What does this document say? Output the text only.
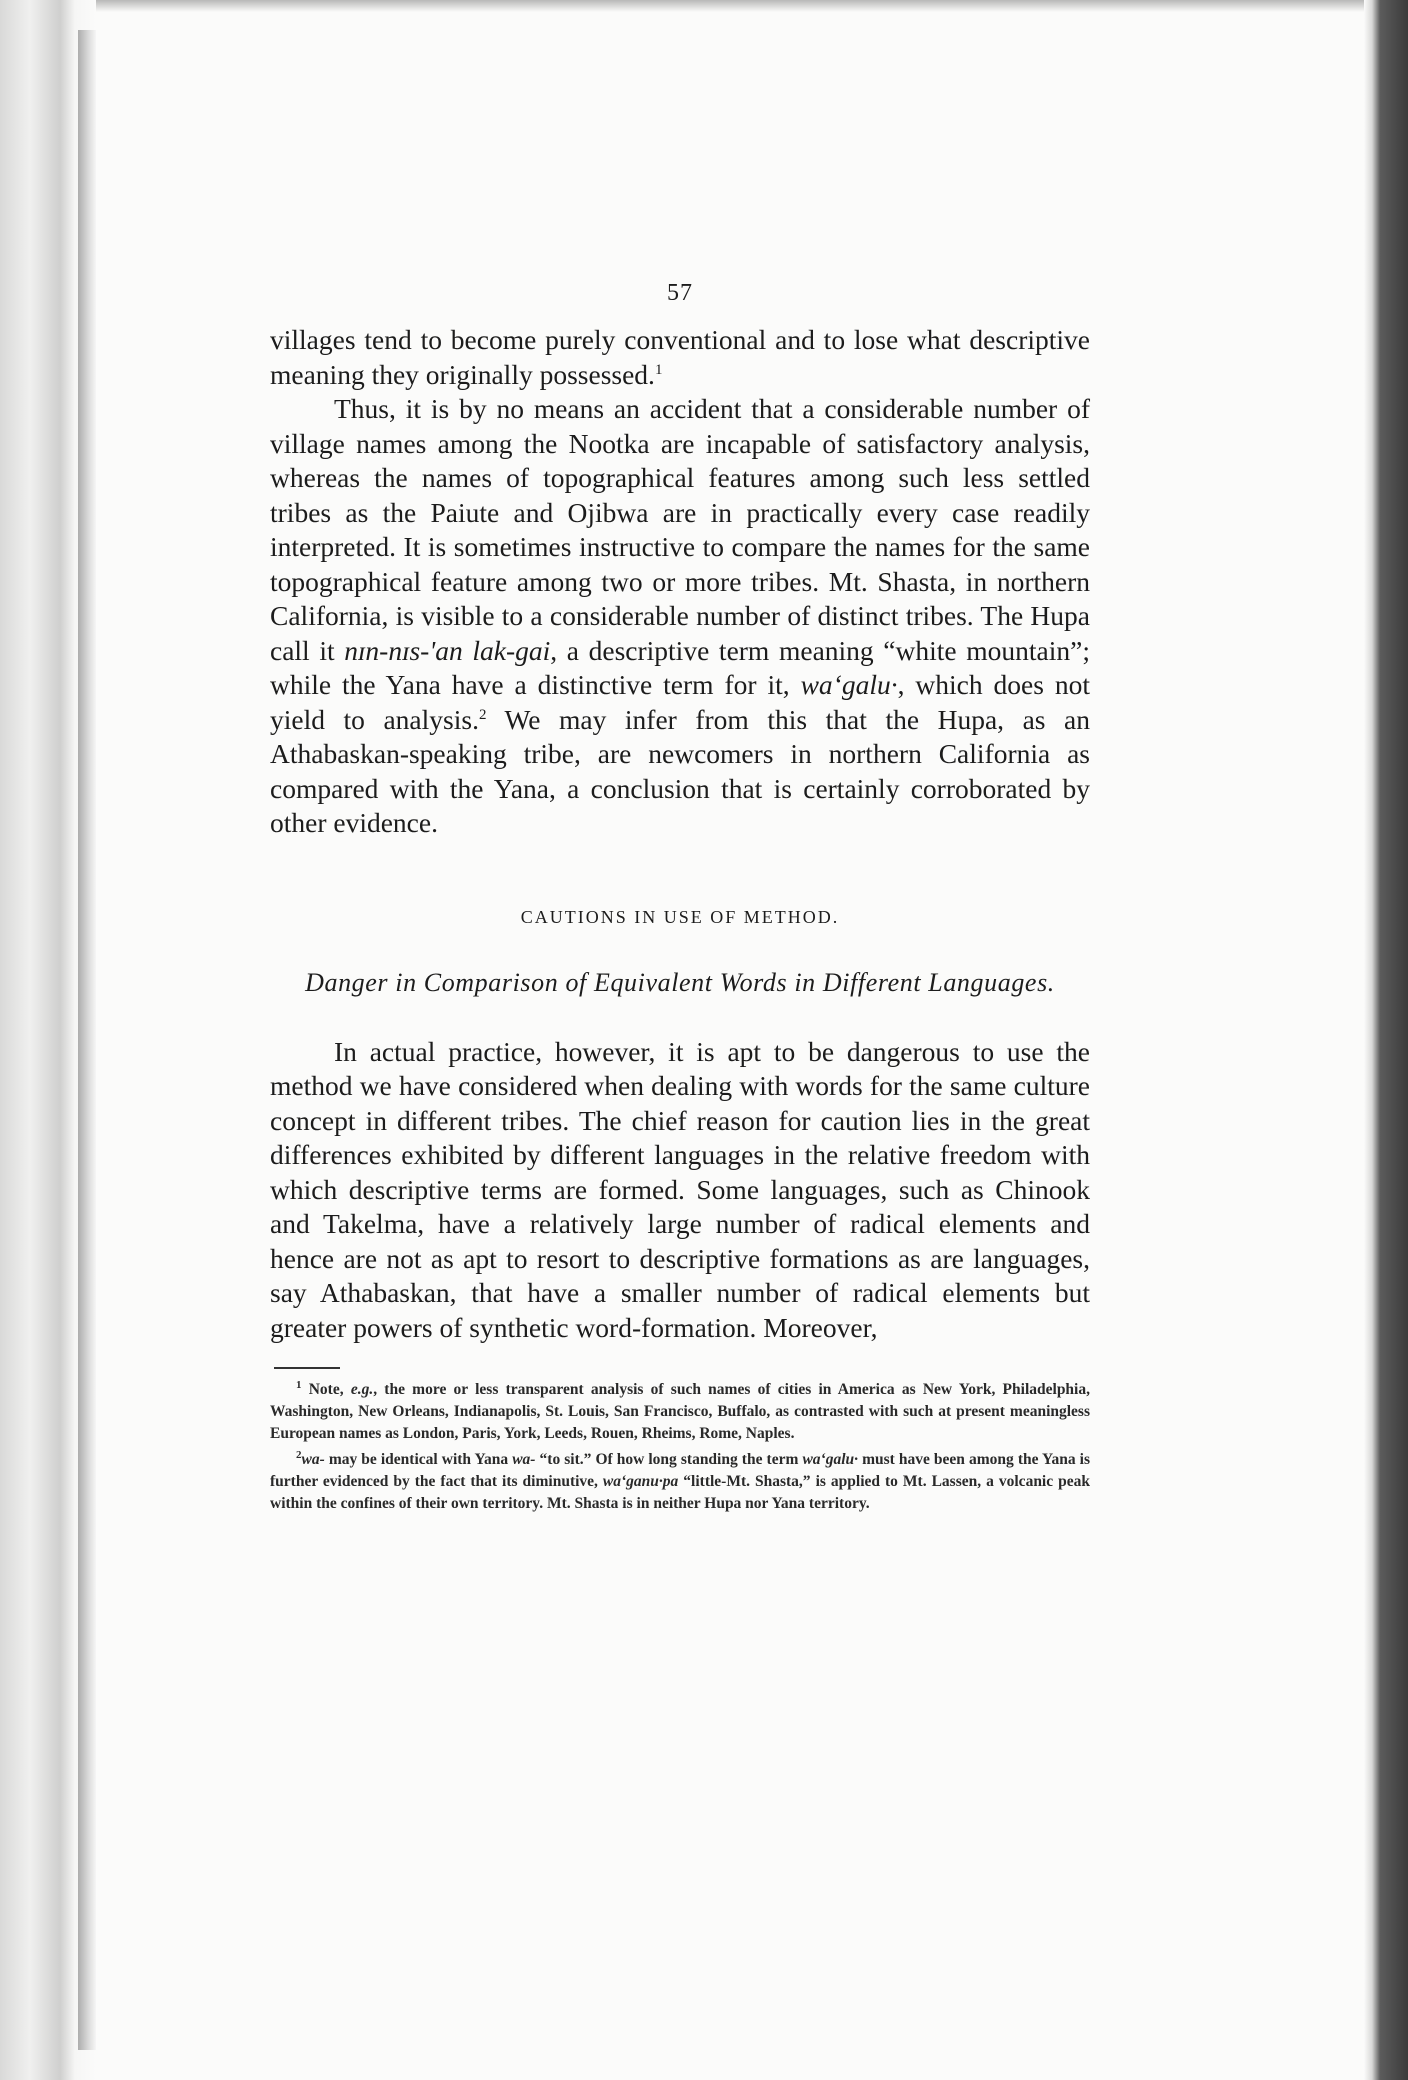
57

villages tend to become purely conventional and to lose what descriptive meaning they originally possessed.$^1$

Thus, it is by no means an accident that a considerable number of village names among the Nootka are incapable of satisfactory analysis, whereas the names of topographical features among such less settled tribes as the Paiute and Ojibwa are in practically every case readily interpreted. It is sometimes instructive to compare the names for the same topographical feature among two or more tribes. Mt. Shasta, in northern California, is visible to a considerable number of distinct tribes. The Hupa call it nɪn-nɪs-'an lak-gai, a descriptive term meaning “white mountain”; while the Yana have a distinctive term for it, wa‘galu·, which does not yield to analysis.$^2$ We may infer from this that the Hupa, as an Athabaskan-speaking tribe, are newcomers in northern California as compared with the Yana, a conclusion that is certainly corroborated by other evidence.

CAUTIONS IN USE OF METHOD.
Danger in Comparison of Equivalent Words in Different Languages.

In actual practice, however, it is apt to be dangerous to use the method we have considered when dealing with words for the same culture concept in different tribes. The chief reason for caution lies in the great differences exhibited by different languages in the relative freedom with which descriptive terms are formed. Some languages, such as Chinook and Takelma, have a relatively large number of radical elements and hence are not as apt to resort to descriptive formations as are languages, say Athabaskan, that have a smaller number of radical elements but greater powers of synthetic word-formation. Moreover,

$^1$ Note, e.g., the more or less transparent analysis of such names of cities in America as New York, Philadelphia, Washington, New Orleans, Indianapolis, St. Louis, San Francisco, Buffalo, as contrasted with such at present meaningless European names as London, Paris, York, Leeds, Rouen, Rheims, Rome, Naples.

$^2$wa- may be identical with Yana wa- “to sit.” Of how long standing the term wa‘galu· must have been among the Yana is further evidenced by the fact that its diminutive, wa‘ganu·pa “little-Mt. Shasta,” is applied to Mt. Lassen, a volcanic peak within the confines of their own territory. Mt. Shasta is in neither Hupa nor Yana territory.
